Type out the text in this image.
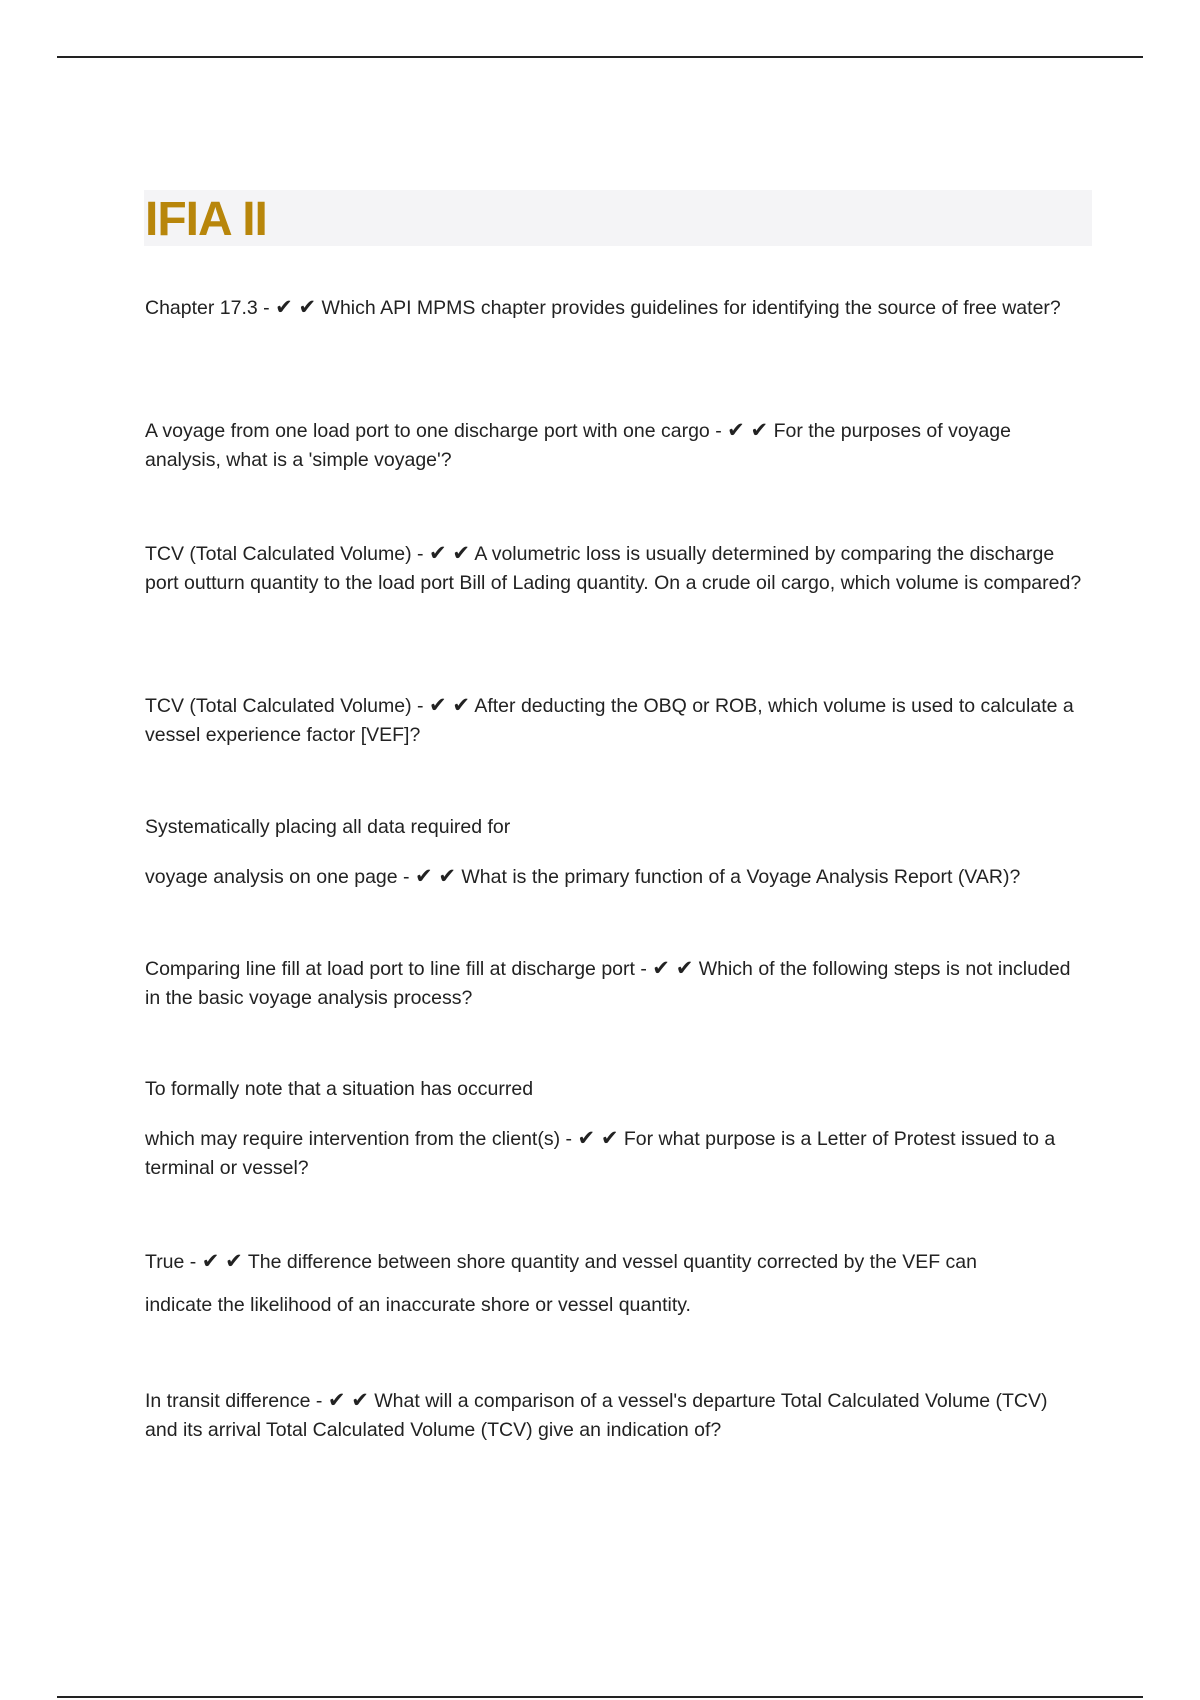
IFIA II

Chapter 17.3 - ✔ ✔ Which API MPMS chapter provides guidelines for identifying the source of free water?

A voyage from one load port to one discharge port with one cargo - ✔ ✔ For the purposes of voyage analysis, what is a 'simple voyage'?

TCV (Total Calculated Volume) - ✔ ✔ A volumetric loss is usually determined by comparing the discharge port outturn quantity to the load port Bill of Lading quantity. On a crude oil cargo, which volume is compared?

TCV (Total Calculated Volume) - ✔ ✔ After deducting the OBQ or ROB, which volume is used to calculate a vessel experience factor [VEF]?

Systematically placing all data required for

voyage analysis on one page - ✔ ✔ What is the primary function of a Voyage Analysis Report (VAR)?

Comparing line fill at load port to line fill at discharge port - ✔ ✔ Which of the following steps is not included in the basic voyage analysis process?

To formally note that a situation has occurred

which may require intervention from the client(s) - ✔ ✔ For what purpose is a Letter of Protest issued to a terminal or vessel?

True - ✔ ✔ The difference between shore quantity and vessel quantity corrected by the VEF can

indicate the likelihood of an inaccurate shore or vessel quantity.

In transit difference - ✔ ✔ What will a comparison of a vessel's departure Total Calculated Volume (TCV) and its arrival Total Calculated Volume (TCV) give an indication of?
